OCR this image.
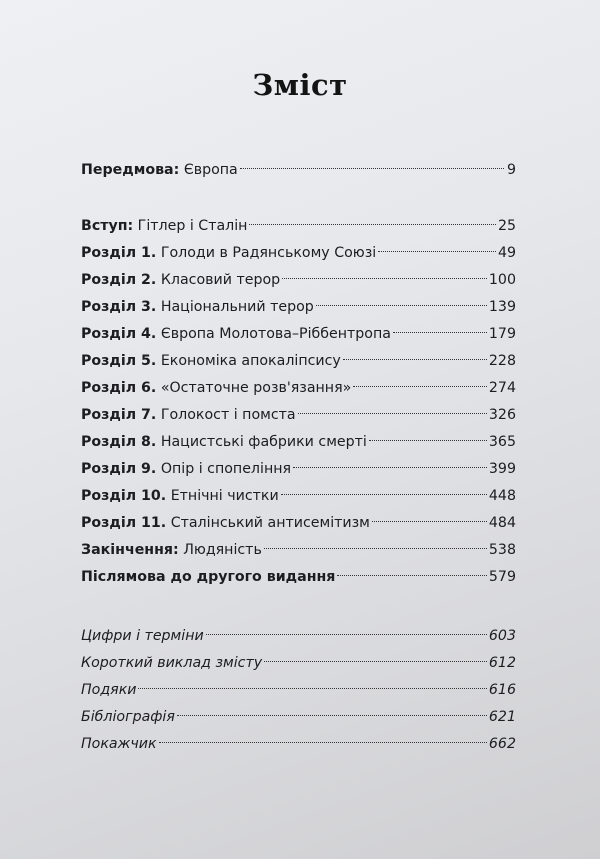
Зміст
Передмова: Європа	9
Вступ: Гітлер і Сталін	25
Розділ 1. Голоди в Радянському Союзі	49
Розділ 2. Класовий терор	100
Розділ 3. Національний терор	139
Розділ 4. Європа Молотова–Ріббентропа	179
Розділ 5. Економіка апокаліпсису	228
Розділ 6. «Остаточне розв'язання»	274
Розділ 7. Голокост і помста	326
Розділ 8. Нацистські фабрики смерті	365
Розділ 9. Опір і спопеління	399
Розділ 10. Етнічні чистки	448
Розділ 11. Сталінський антисемітизм	484
Закінчення: Людяність	538
Післямова до другого видання	579
Цифри і терміни	603
Короткий виклад змісту	612
Подяки	616
Бібліографія	621
Покажчик	662
